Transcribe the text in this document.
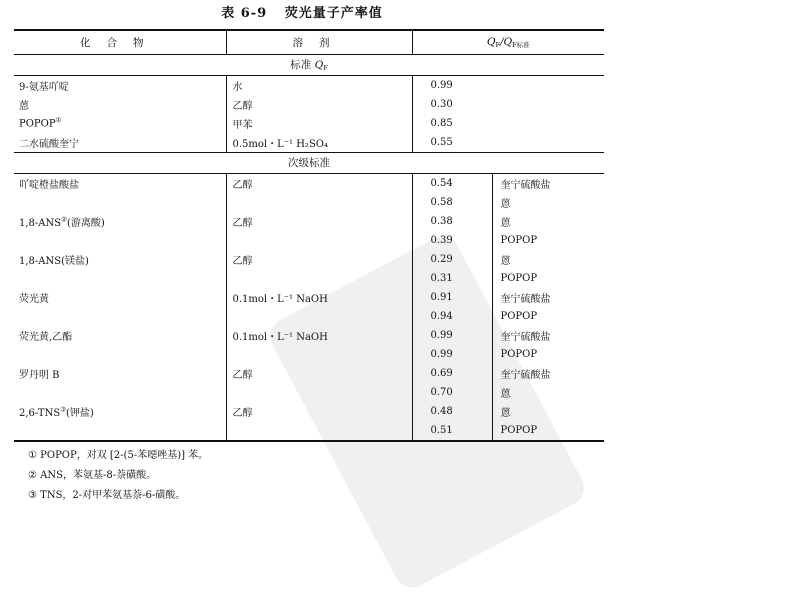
表 6-9 荧光量子产率值
化合物	溶剂	$Q_F/Q_{F标准}$
标准 $Q_F$
9-氨基吖啶	水	0.99	
蒽	乙醇	0.30	
POPOP①	甲苯	0.85	
二水硫酸奎宁	0.5mol・L⁻¹ H₂SO₄	0.55	
次级标准			
吖啶橙盐酸盐	乙醇	0.54	奎宁硫酸盐
		0.58	蒽
1,8-ANS②(游离酸)	乙醇	0.38	蒽
		0.39	POPOP
1,8-ANS(镁盐)	乙醇	0.29	蒽
		0.31	POPOP
荧光黄	0.1mol・L⁻¹ NaOH	0.91	奎宁硫酸盐
		0.94	POPOP
荧光黄,乙酯	0.1mol・L⁻¹ NaOH	0.99	奎宁硫酸盐
		0.99	POPOP
罗丹明 B	乙醇	0.69	奎宁硫酸盐
		0.70	蒽
2,6-TNS③(钾盐)	乙醇	0.48	蒽
		0.51	POPOP
① POPOP，对双 [2-(5-苯噁唑基)] 苯。
② ANS，苯氨基-8-萘磺酸。
③ TNS，2-对甲苯氨基萘-6-磺酸。
